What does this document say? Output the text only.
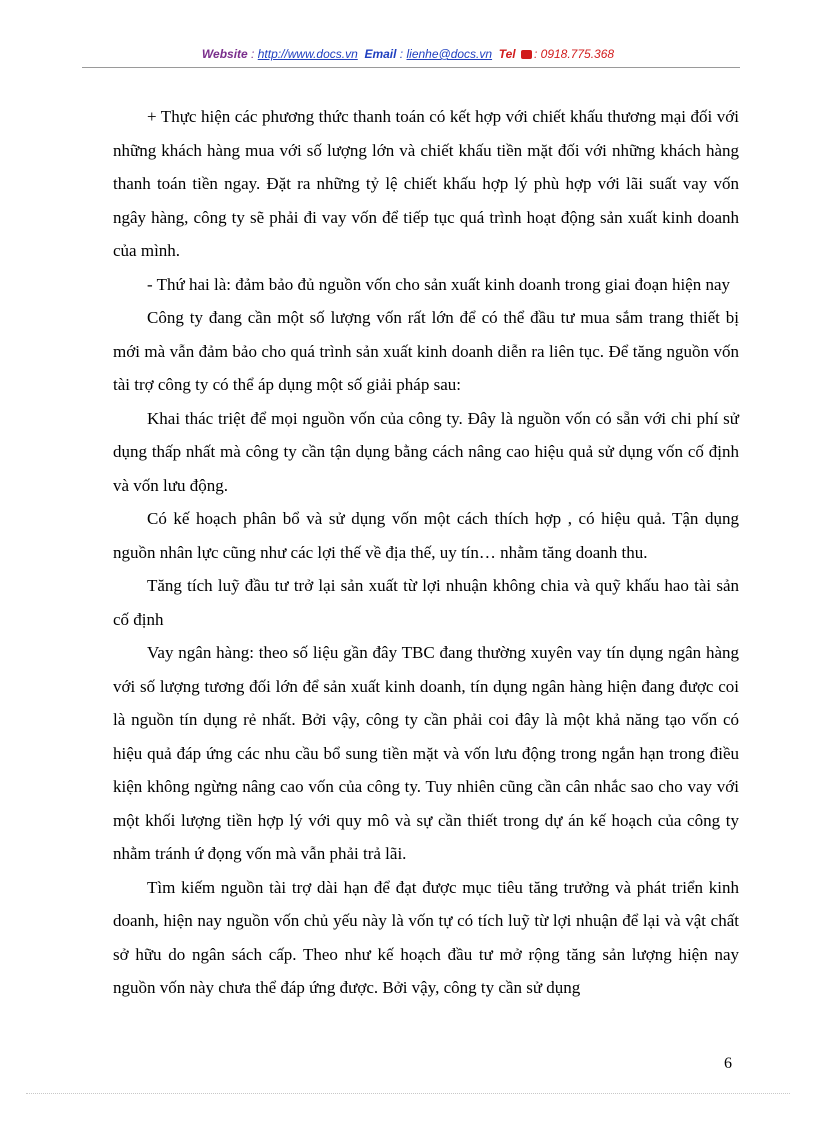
Website : http://www.docs.vn Email : lienhe@docs.vn Tel : 0918.775.368

+ Thực hiện các phương thức thanh toán có kết hợp với chiết khấu thương mại đối với những khách hàng mua với số lượng lớn và chiết khấu tiền mặt đối với những khách hàng thanh toán tiền ngay. Đặt ra những tỷ lệ chiết khấu hợp lý phù hợp với lãi suất vay vốn ngây hàng, công ty sẽ phải đi vay vốn để tiếp tục quá trình hoạt động sản xuất kinh doanh của mình.

- Thứ hai là: đảm bảo đủ nguồn vốn cho sản xuất kinh doanh trong giai đoạn hiện nay

Công ty đang cần một số lượng vốn rất lớn để có thể đầu tư mua sắm trang thiết bị mới mà vẫn đảm bảo cho quá trình sản xuất kinh doanh diễn ra liên tục. Để tăng nguồn vốn tài trợ công ty có thể áp dụng một số giải pháp sau:

Khai thác triệt để mọi nguồn vốn của công ty. Đây là nguồn vốn có sẵn với chi phí sử dụng thấp nhất mà công ty cần tận dụng bằng cách nâng cao hiệu quả sử dụng vốn cố định và vốn lưu động.

Có kế hoạch phân bổ và sử dụng vốn một cách thích hợp , có hiệu quả. Tận dụng nguồn nhân lực cũng như các lợi thế về địa thế, uy tín… nhằm tăng doanh thu.

Tăng tích luỹ đầu tư trở lại sản xuất từ lợi nhuận không chia và quỹ khấu hao tài sản cố định

Vay ngân hàng: theo số liệu gần đây TBC đang thường xuyên vay tín dụng ngân hàng với số lượng tương đối lớn để sản xuất kinh doanh, tín dụng ngân hàng hiện đang được coi là nguồn tín dụng rẻ nhất. Bởi vậy, công ty cần phải coi đây là một khả năng tạo vốn có hiệu quả đáp ứng các nhu cầu bổ sung tiền mặt và vốn lưu động trong ngắn hạn trong điều kiện không ngừng nâng cao vốn của công ty. Tuy nhiên cũng cần cân nhắc sao cho vay với một khối lượng tiền hợp lý với quy mô và sự cần thiết trong dự án kế hoạch của công ty nhằm tránh ứ đọng vốn mà vẫn phải trả lãi.

Tìm kiếm nguồn tài trợ dài hạn để đạt được mục tiêu tăng trưởng và phát triển kinh doanh, hiện nay nguồn vốn chủ yếu này là vốn tự có tích luỹ từ lợi nhuận để lại và vật chất sở hữu do ngân sách cấp. Theo như kế hoạch đầu tư mở rộng tăng sản lượng hiện nay nguồn vốn này chưa thể đáp ứng được. Bởi vậy, công ty cần sử dụng

6
